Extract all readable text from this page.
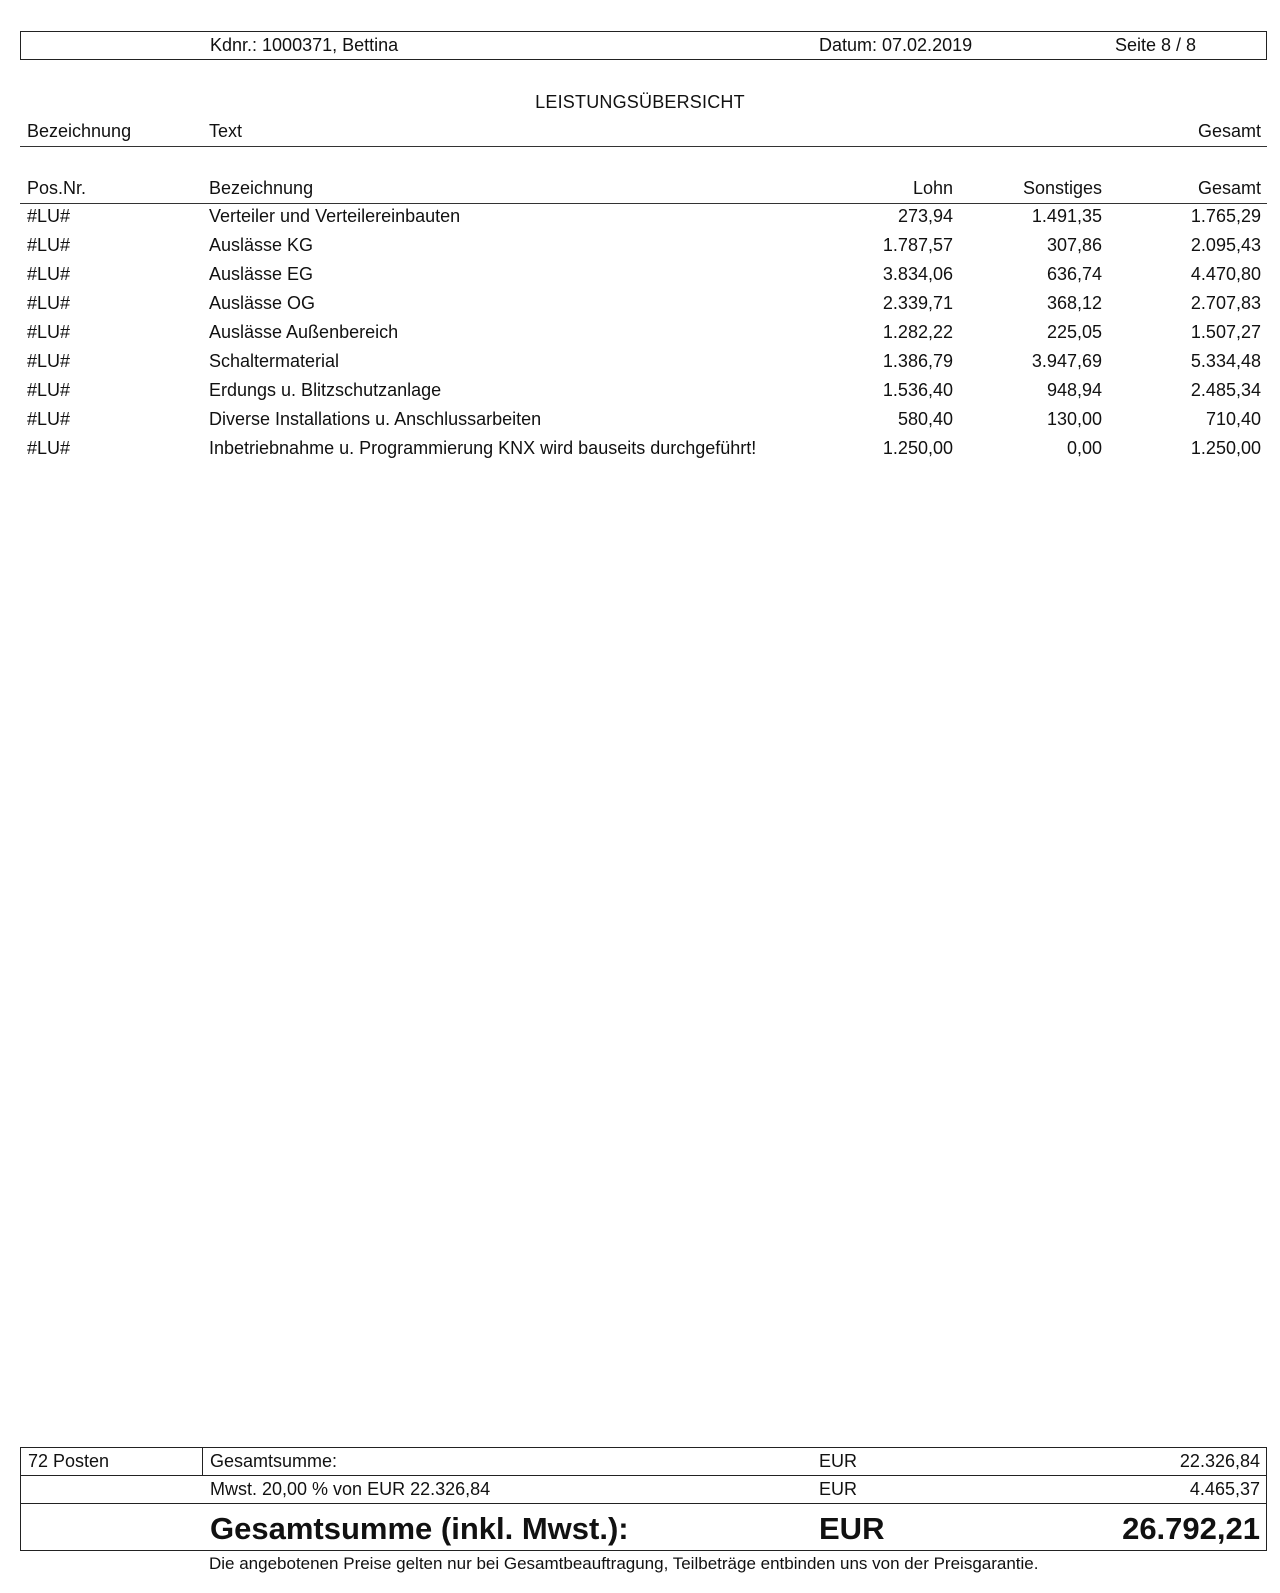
Kdnr.: 1000371, Bettina	Datum: 07.02.2019	Seite 8 / 8
LEISTUNGSÜBERSICHT
Bezeichnung	Text	Gesamt
Pos.Nr.	Bezeichnung	Lohn	Sonstiges	Gesamt
#LU#	Verteiler und Verteilereinbauten	273,94	1.491,35	1.765,29
#LU#	Auslässe KG	1.787,57	307,86	2.095,43
#LU#	Auslässe EG	3.834,06	636,74	4.470,80
#LU#	Auslässe OG	2.339,71	368,12	2.707,83
#LU#	Auslässe Außenbereich	1.282,22	225,05	1.507,27
#LU#	Schaltermaterial	1.386,79	3.947,69	5.334,48
#LU#	Erdungs u. Blitzschutzanlage	1.536,40	948,94	2.485,34
#LU#	Diverse Installations u. Anschlussarbeiten	580,40	130,00	710,40
#LU#	Inbetriebnahme u. Programmierung KNX wird bauseits durchgeführt!	1.250,00	0,00	1.250,00
72 Posten	Gesamtsumme:	EUR	22.326,84
Mwst. 20,00 % von EUR 22.326,84	EUR	4.465,37
Gesamtsumme (inkl. Mwst.):	EUR	26.792,21
Die angebotenen Preise gelten nur bei Gesamtbeauftragung, Teilbeträge entbinden uns von der Preisgarantie.
